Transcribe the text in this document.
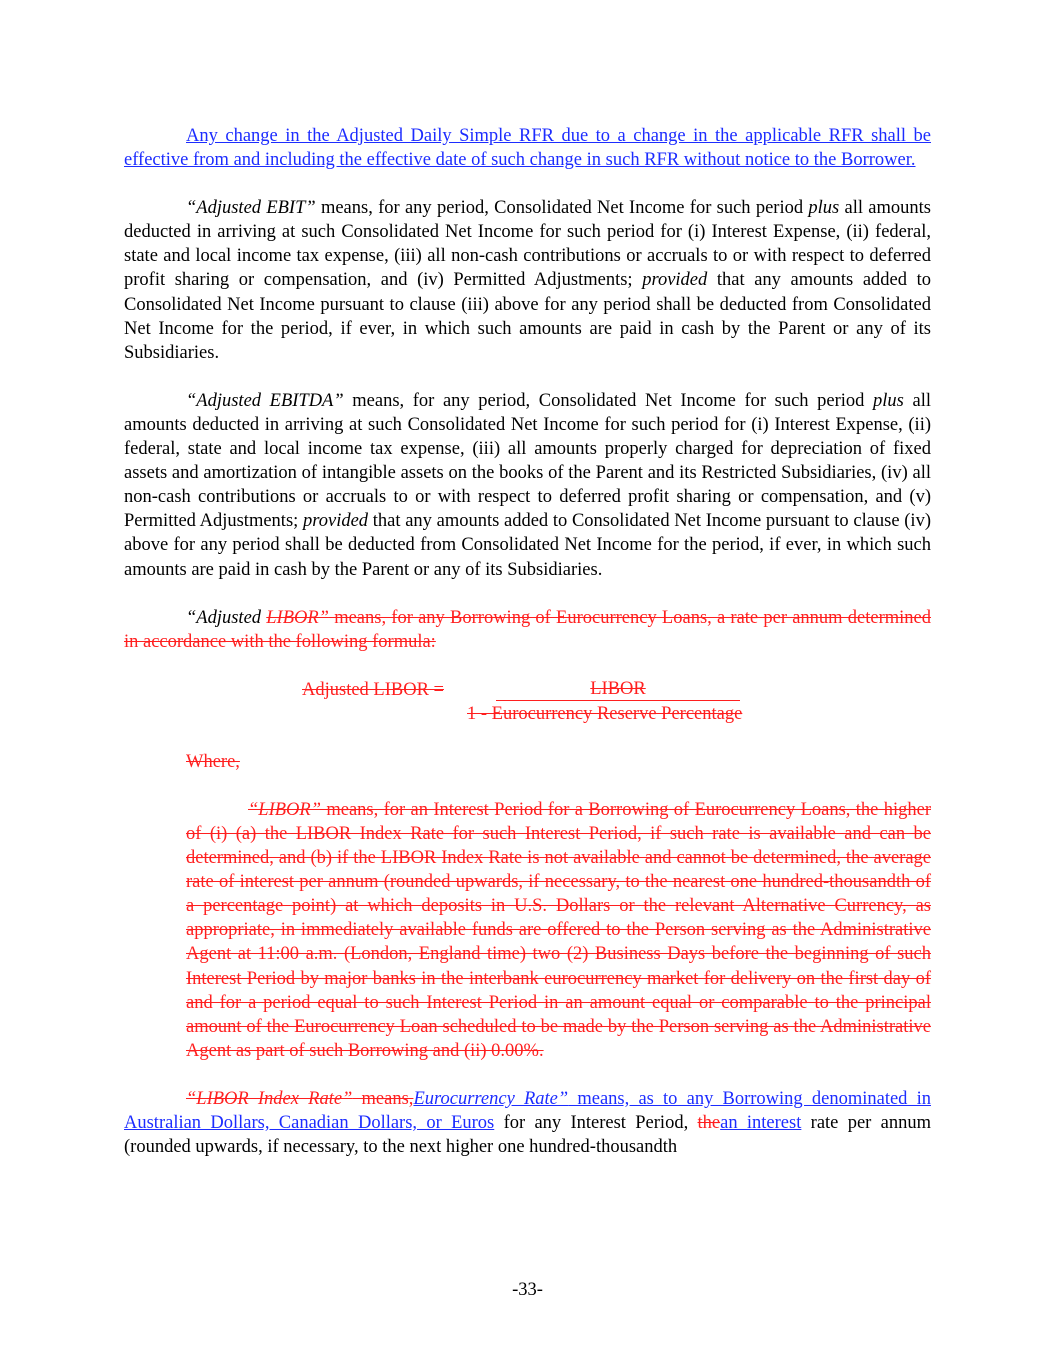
Any change in the Adjusted Daily Simple RFR due to a change in the applicable RFR shall be effective from and including the effective date of such change in such RFR without notice to the Borrower.

“Adjusted EBIT” means, for any period, Consolidated Net Income for such period plus all amounts deducted in arriving at such Consolidated Net Income for such period for (i) Interest Expense, (ii) federal, state and local income tax expense, (iii) all non-cash contributions or accruals to or with respect to deferred profit sharing or compensation, and (iv) Permitted Adjustments; provided that any amounts added to Consolidated Net Income pursuant to clause (iii) above for any period shall be deducted from Consolidated Net Income for the period, if ever, in which such amounts are paid in cash by the Parent or any of its Subsidiaries.

“Adjusted EBITDA” means, for any period, Consolidated Net Income for such period plus all amounts deducted in arriving at such Consolidated Net Income for such period for (i) Interest Expense, (ii) federal, state and local income tax expense, (iii) all amounts properly charged for depreciation of fixed assets and amortization of intangible assets on the books of the Parent and its Restricted Subsidiaries, (iv) all non-cash contributions or accruals to or with respect to deferred profit sharing or compensation, and (v) Permitted Adjustments; provided that any amounts added to Consolidated Net Income pursuant to clause (iv) above for any period shall be deducted from Consolidated Net Income for the period, if ever, in which such amounts are paid in cash by the Parent or any of its Subsidiaries.

“Adjusted LIBOR” means, for any Borrowing of Eurocurrency Loans, a rate per annum determined in accordance with the following formula:

Adjusted LIBOR =	LIBOR
1 - Eurocurrency Reserve Percentage

Where,

“LIBOR” means, for an Interest Period for a Borrowing of Eurocurrency Loans, the higher of (i) (a) the LIBOR Index Rate for such Interest Period, if such rate is available and can be determined, and (b) if the LIBOR Index Rate is not available and cannot be determined, the average rate of interest per annum (rounded upwards, if necessary, to the nearest one hundred-thousandth of a percentage point) at which deposits in U.S. Dollars or the relevant Alternative Currency, as appropriate, in immediately available funds are offered to the Person serving as the Administrative Agent at 11:00 a.m. (London, England time) two (2) Business Days before the beginning of such Interest Period by major banks in the interbank eurocurrency market for delivery on the first day of and for a period equal to such Interest Period in an amount equal or comparable to the principal amount of the Eurocurrency Loan scheduled to be made by the Person serving as the Administrative Agent as part of such Borrowing and (ii) 0.00%.

“LIBOR Index Rate” means,Eurocurrency Rate” means, as to any Borrowing denominated in Australian Dollars, Canadian Dollars, or Euros for any Interest Period, thean interest rate per annum (rounded upwards, if necessary, to the next higher one hundred-thousandth

-33-
